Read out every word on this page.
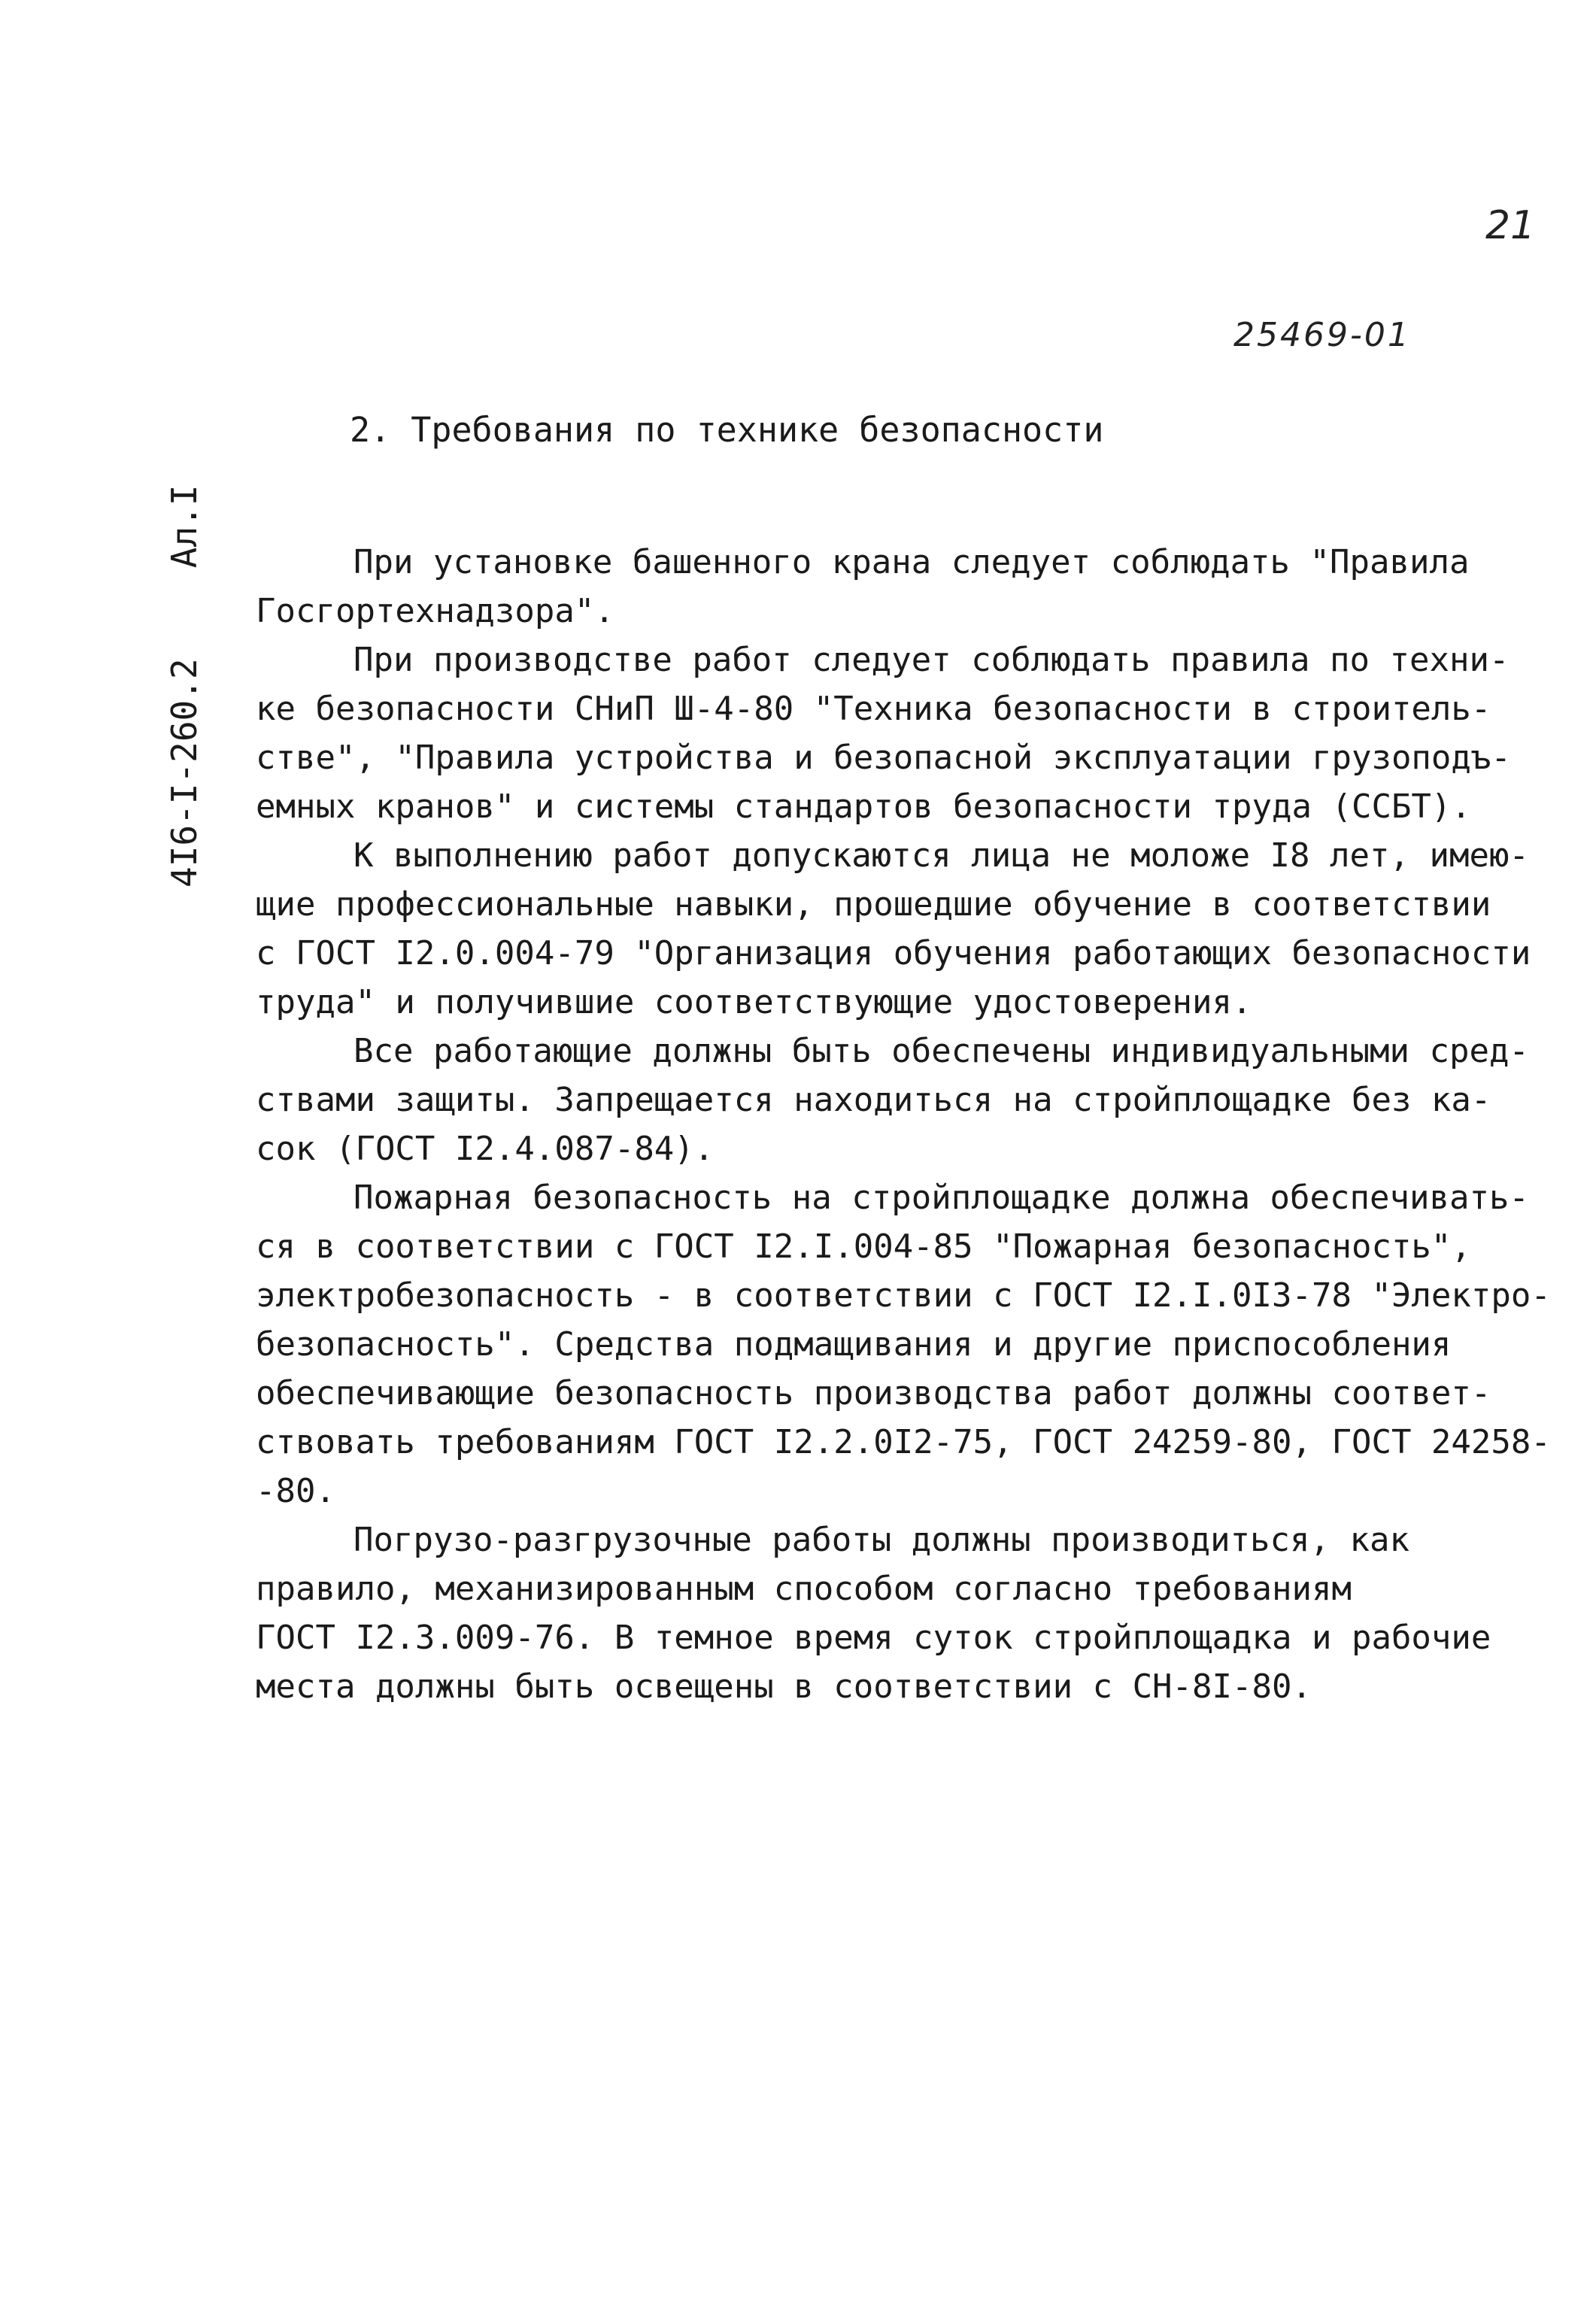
21
25469-01
4I6-I-260.2Ал.I
2. Требования по технике безопасности

При установке башенного крана следует соблюдать "Правила
Госгортехнадзора".

При производстве работ следует соблюдать правила по техни-
ке безопасности СНиП Ш-4-80 "Техника безопасности в строитель-
стве", "Правила устройства и безопасной эксплуатации грузоподъ-
емных кранов" и системы стандартов безопасности труда (ССБТ).

К выполнению работ допускаются лица не моложе I8 лет, имею-
щие профессиональные навыки, прошедшие обучение в соответствии
с ГОСТ I2.0.004-79 "Организация обучения работающих безопасности
труда" и получившие соответствующие удостоверения.

Все работающие должны быть обеспечены индивидуальными сред-
ствами защиты. Запрещается находиться на стройплощадке без ка-
сок (ГОСТ I2.4.087-84).

Пожарная безопасность на стройплощадке должна обеспечивать-
ся в соответствии с ГОСТ I2.I.004-85 "Пожарная безопасность",
электробезопасность - в соответствии с ГОСТ I2.I.0I3-78 "Электро-
безопасность". Средства подмащивания и другие приспособления
обеспечивающие безопасность производства работ должны соответ-
ствовать требованиям ГОСТ I2.2.0I2-75, ГОСТ 24259-80, ГОСТ 24258-
-80.

Погрузо-разгрузочные работы должны производиться, как
правило, механизированным способом согласно требованиям
ГОСТ I2.3.009-76. В темное время суток стройплощадка и рабочие
места должны быть освещены в соответствии с СН-8I-80.
